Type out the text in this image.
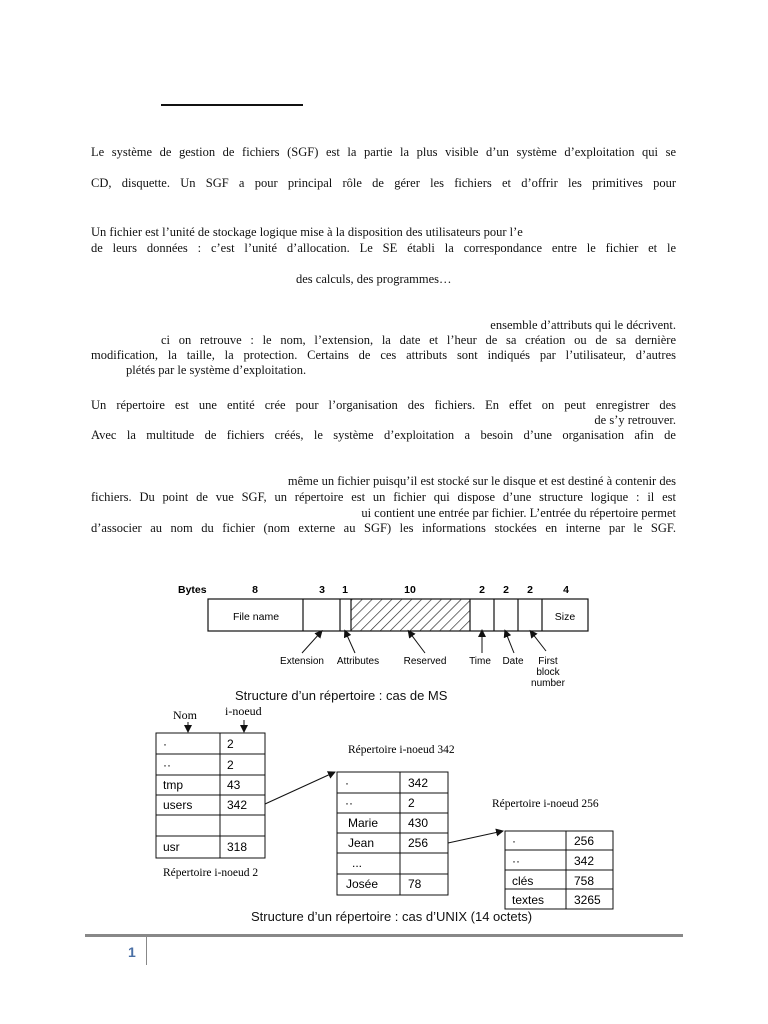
Le système de gestion de fichiers (SGF) est la partie la plus visible d’un système d’exploitation qui se
CD, disquette. Un SGF a pour principal rôle de gérer les fichiers et d’offrir les primitives pour
Un fichier est l’unité de stockage logique mise à la disposition des utilisateurs pour l’e
de leurs données : c’est l’unité d’allocation. Le SE établi la correspondance entre le fichier et le
des calculs, des programmes…
ensemble d’attributs qui le décrivent.
ci on retrouve : le nom, l’extension, la date et l’heur de sa création ou de sa dernière
modification, la taille, la protection. Certains de ces attributs sont indiqués par l’utilisateur, d’autres
plétés par le système d’exploitation.
Un répertoire est une entité crée pour l’organisation des fichiers. En effet on peut enregistrer des
de s’y retrouver.
Avec la multitude de fichiers créés, le système d’exploitation a besoin d’une organisation afin de
même un fichier puisqu’il est stocké sur le disque et est destiné à contenir des
fichiers. Du point de vue SGF, un répertoire est un fichier qui dispose d’une structure logique : il est
ui contient une entrée par fichier. L’entrée du répertoire permet
d’associer au nom du fichier (nom externe au SGF) les informations stockées en interne par le SGF.
Bytes	8	3 1	10	2 2 2	4
File name	Size
Extension Attributes Reserved Time Date First
block
number
Structure d’un répertoire : cas de MS
Nom i-noeud
·	2
··	2
tmp	43
users	342
usr	318
Répertoire i-noeud 2
Répertoire i-noeud 342
·	342
··	2
Marie 430
Jean	256
...
Josée 78
Répertoire i-noeud 256
·	256
··	342
clés	758
textes 3265
Structure d’un répertoire : cas d’UNIX (14 octets)
1
